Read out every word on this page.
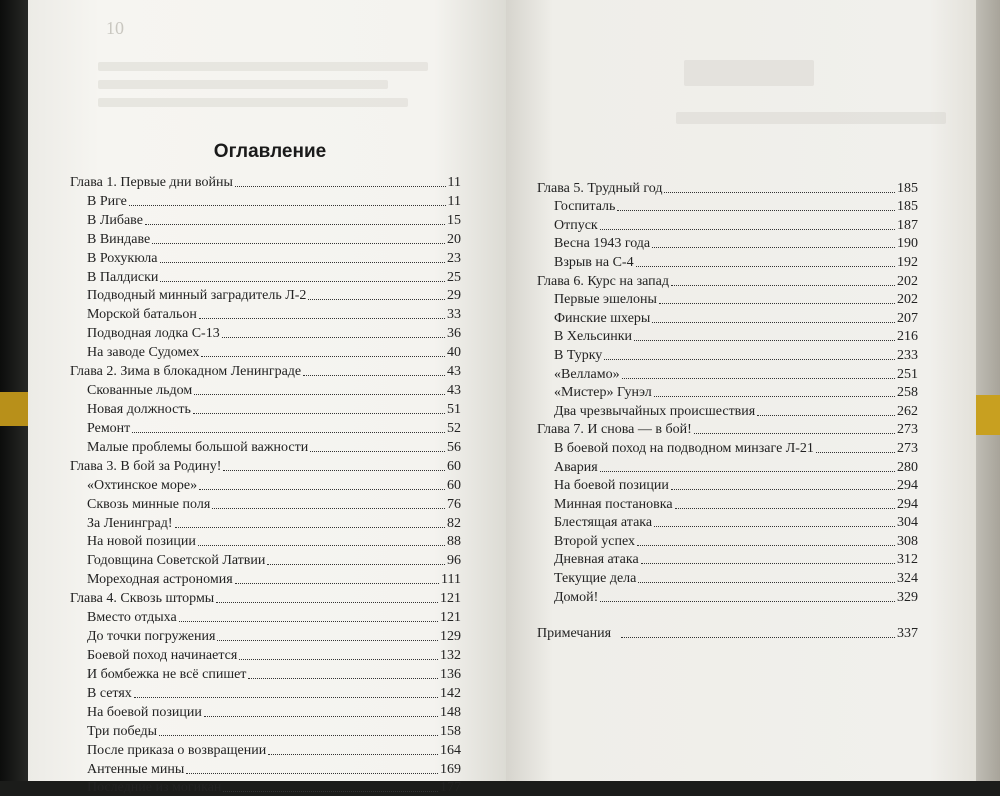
10
Оглавление
Глава 1. Первые дни войны	11
В Риге	11
В Либаве	15
В Виндаве	20
В Рохукюла	23
В Палдиски	25
Подводный минный заградитель Л-2	29
Морской батальон	33
Подводная лодка С-13	36
На заводе Судомех	40
Глава 2. Зима в блокадном Ленинграде	43
Скованные льдом	43
Новая должность	51
Ремонт	52
Малые проблемы большой важности	56
Глава 3. В бой за Родину!	60
«Охтинское море»	60
Сквозь минные поля	76
За Ленинград!	82
На новой позиции	88
Годовщина Советской Латвии	96
Мореходная астрономия	111
Глава 4. Сквозь штормы	121
Вместо отдыха	121
До точки погружения	129
Боевой поход начинается	132
И бомбежка не всё спишет	136
В сетях	142
На боевой позиции	148
Три победы	158
После приказа о возвращении	164
Антенные мины	169
Последние из могикан	177
Глава 5. Трудный год	185
Госпиталь	185
Отпуск	187
Весна 1943 года	190
Взрыв на С-4	192
Глава 6. Курс на запад	202
Первые эшелоны	202
Финские шхеры	207
В Хельсинки	216
В Турку	233
«Велламо»	251
«Мистер» Гунэл	258
Два чрезвычайных происшествия	262
Глава 7. И снова — в бой!	273
В боевой поход на подводном минзаге Л-21	273
Авария	280
На боевой позиции	294
Минная постановка	294
Блестящая атака	304
Второй успех	308
Дневная атака	312
Текущие дела	324
Домой!	329
Примечания	337
